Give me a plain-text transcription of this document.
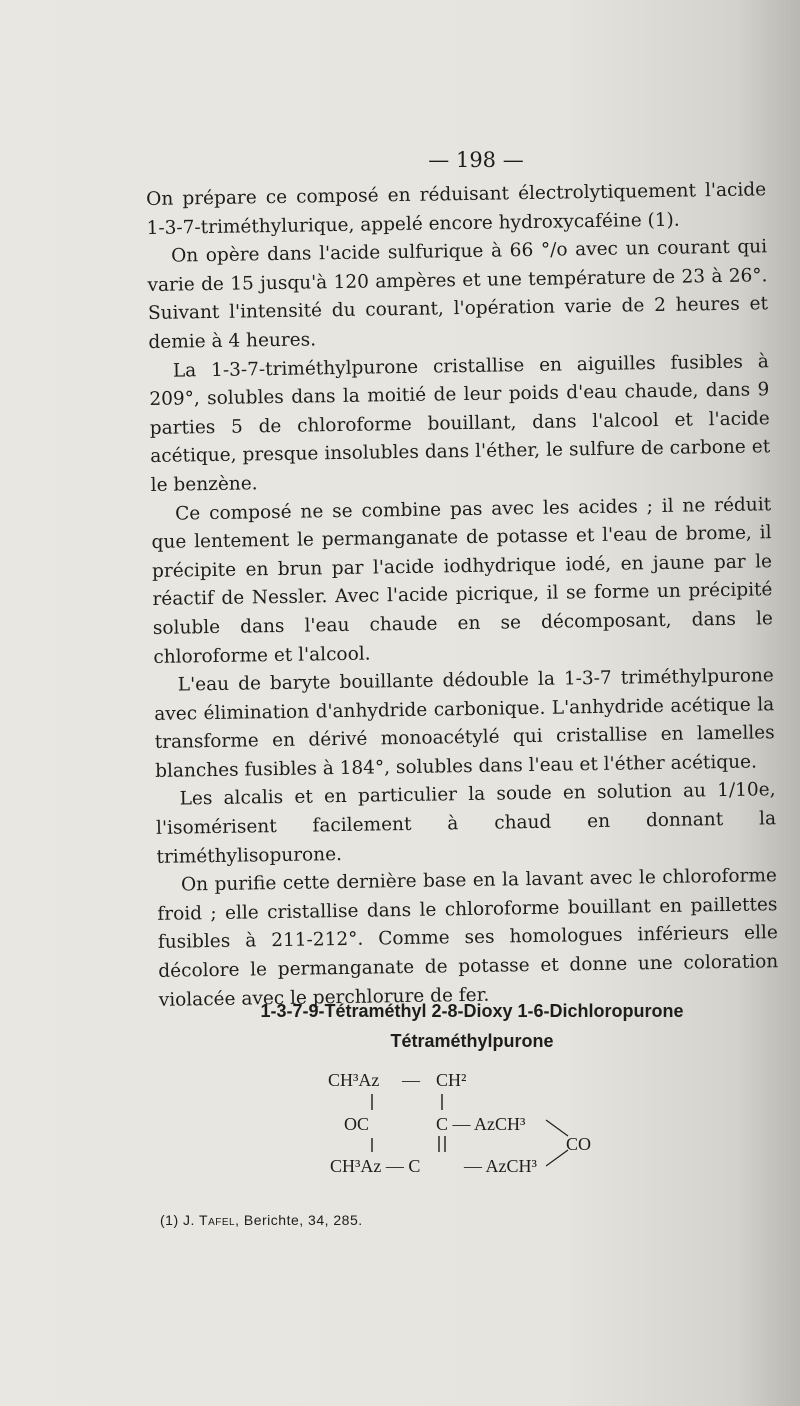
— 198 —

On prépare ce composé en réduisant électrolytiquement l'acide 1-3-7-triméthylurique, appelé encore hydroxycaféine (1).

On opère dans l'acide sulfurique à 66 °/o avec un courant qui varie de 15 jusqu'à 120 ampères et une température de 23 à 26°. Suivant l'intensité du courant, l'opération varie de 2 heures et demie à 4 heures.

La 1-3-7-triméthylpurone cristallise en aiguilles fusibles à 209°, solubles dans la moitié de leur poids d'eau chaude, dans 9 parties 5 de chloroforme bouillant, dans l'alcool et l'acide acétique, presque insolubles dans l'éther, le sulfure de carbone et le benzène.

Ce composé ne se combine pas avec les acides ; il ne réduit que lentement le permanganate de potasse et l'eau de brome, il précipite en brun par l'acide iodhydrique iodé, en jaune par le réactif de Nessler. Avec l'acide picrique, il se forme un précipité soluble dans l'eau chaude en se décomposant, dans le chloroforme et l'alcool.

L'eau de baryte bouillante dédouble la 1-3-7 triméthylpurone avec élimination d'anhydride carbonique. L'anhydride acétique la transforme en dérivé monoacétylé qui cristallise en lamelles blanches fusibles à 184°, solubles dans l'eau et l'éther acétique.

Les alcalis et en particulier la soude en solution au 1/10e, l'isomérisent facilement à chaud en donnant la triméthylisopurone.

On purifie cette dernière base en la lavant avec le chloroforme froid ; elle cristallise dans le chloroforme bouillant en paillettes fusibles à 211-212°. Comme ses homologues inférieurs elle décolore le permanganate de potasse et donne une coloration violacée avec le perchlorure de fer.

1-3-7-9-Tétraméthyl 2-8-Dioxy 1-6-Dichloropurone
Tétraméthylpurone
CH³Az — CH²
OC	C — AzCH³
CH³Az — C — AzCH³
CO
(1) J. Tafel, Berichte, 34, 285.
